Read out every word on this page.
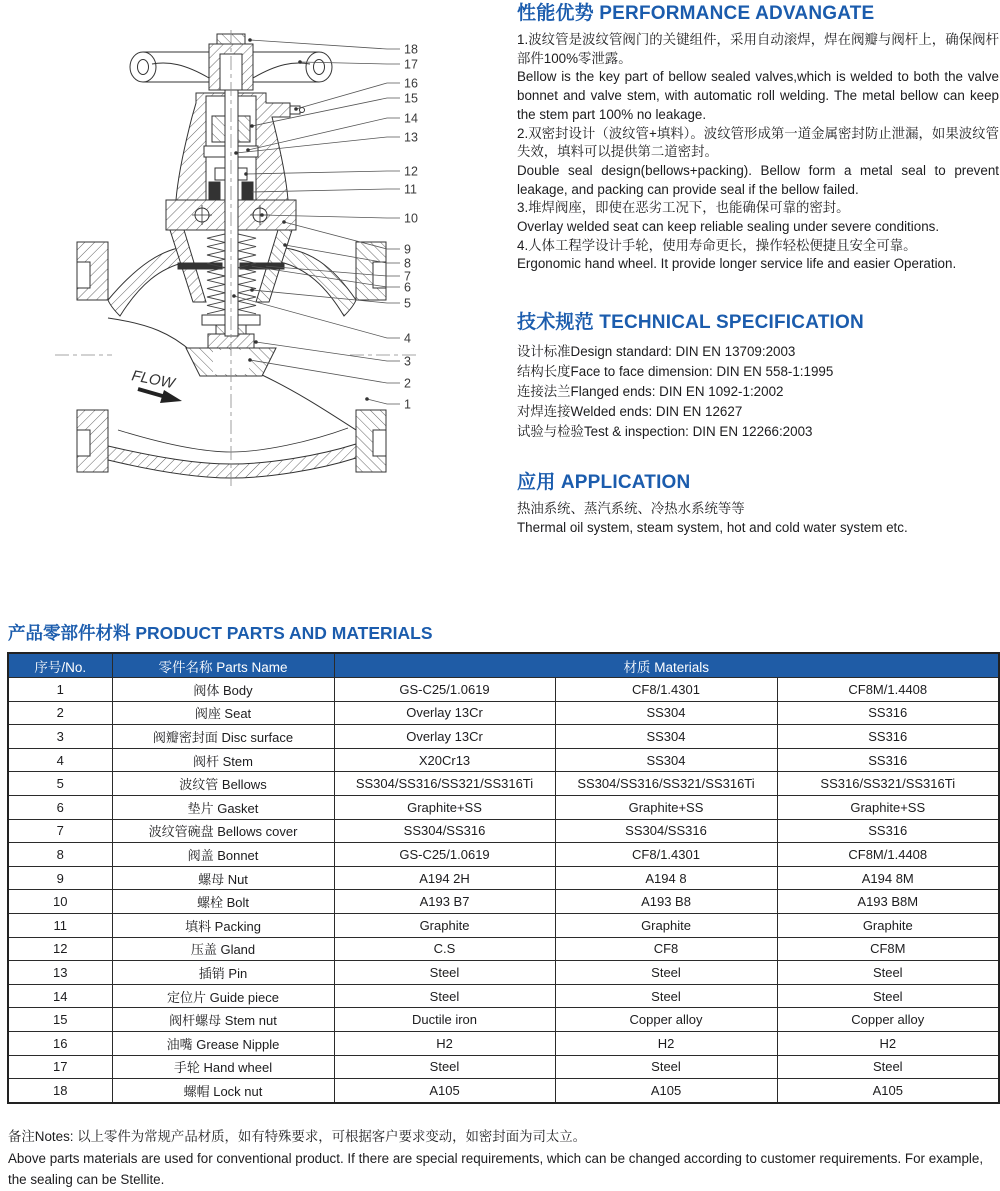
FLOW
18
17
16
15
14
13
12
11
10
9
8
7
6
5
4
3
2
1
性能优势 PERFORMANCE ADVANGATE

1.波纹管是波纹管阀门的关键组件，采用自动滚焊，焊在阀瓣与阀杆上，确保阀杆部件100%零泄露。

Bellow is the key part of bellow sealed valves,which is welded to both the valve bonnet and valve stem, with automatic roll welding. The metal bellow can keep the stem part 100% no leakage.

2.双密封设计（波纹管+填料）。波纹管形成第一道金属密封防止泄漏，如果波纹管失效，填料可以提供第二道密封。

Double seal design(bellows+packing). Bellow form a metal seal to prevent leakage, and packing can provide seal if the bellow failed.

3.堆焊阀座，即使在恶劣工况下，也能确保可靠的密封。

Overlay welded seat can keep reliable sealing under severe conditions.

4.人体工程学设计手轮，使用寿命更长，操作轻松便捷且安全可靠。

Ergonomic hand wheel. It provide longer service life and easier Operation.

技术规范 TECHNICAL SPECIFICATION

设计标准Design standard: DIN EN 13709:2003

结构长度Face to face dimension: DIN EN 558-1:1995

连接法兰Flanged ends: DIN EN 1092-1:2002

对焊连接Welded ends: DIN EN 12627

试验与检验Test & inspection: DIN EN 12266:2003

应用 APPLICATION

热油系统、蒸汽系统、冷热水系统等等

Thermal oil system, steam system, hot and cold water system etc.

产品零部件材料 PRODUCT PARTS AND MATERIALS
序号/No.	零件名称 Parts Name	材质 Materials		
1	阀体 Body	GS-C25/1.0619	CF8/1.4301	CF8M/1.4408
2	阀座 Seat	Overlay 13Cr	SS304	SS316
3	阀瓣密封面 Disc surface	Overlay 13Cr	SS304	SS316
4	阀杆 Stem	X20Cr13	SS304	SS316
5	波纹管 Bellows	SS304/SS316/SS321/SS316Ti	SS304/SS316/SS321/SS316Ti	SS316/SS321/SS316Ti
6	垫片 Gasket	Graphite+SS	Graphite+SS	Graphite+SS
7	波纹管碗盘 Bellows cover	SS304/SS316	SS304/SS316	SS316
8	阀盖 Bonnet	GS-C25/1.0619	CF8/1.4301	CF8M/1.4408
9	螺母 Nut	A194 2H	A194 8	A194 8M
10	螺栓 Bolt	A193 B7	A193 B8	A193 B8M
11	填料 Packing	Graphite	Graphite	Graphite
12	压盖 Gland	C.S	CF8	CF8M
13	插销 Pin	Steel	Steel	Steel
14	定位片 Guide piece	Steel	Steel	Steel
15	阀杆螺母 Stem nut	Ductile iron	Copper alloy	Copper alloy
16	油嘴 Grease Nipple	H2	H2	H2
17	手轮 Hand wheel	Steel	Steel	Steel
18	螺帽 Lock nut	A105	A105	A105

备注Notes: 以上零件为常规产品材质，如有特殊要求，可根据客户要求变动，如密封面为司太立。

Above parts materials are used for conventional product. If there are special requirements, which can be changed according to customer requirements. For example, the sealing can be Stellite.
